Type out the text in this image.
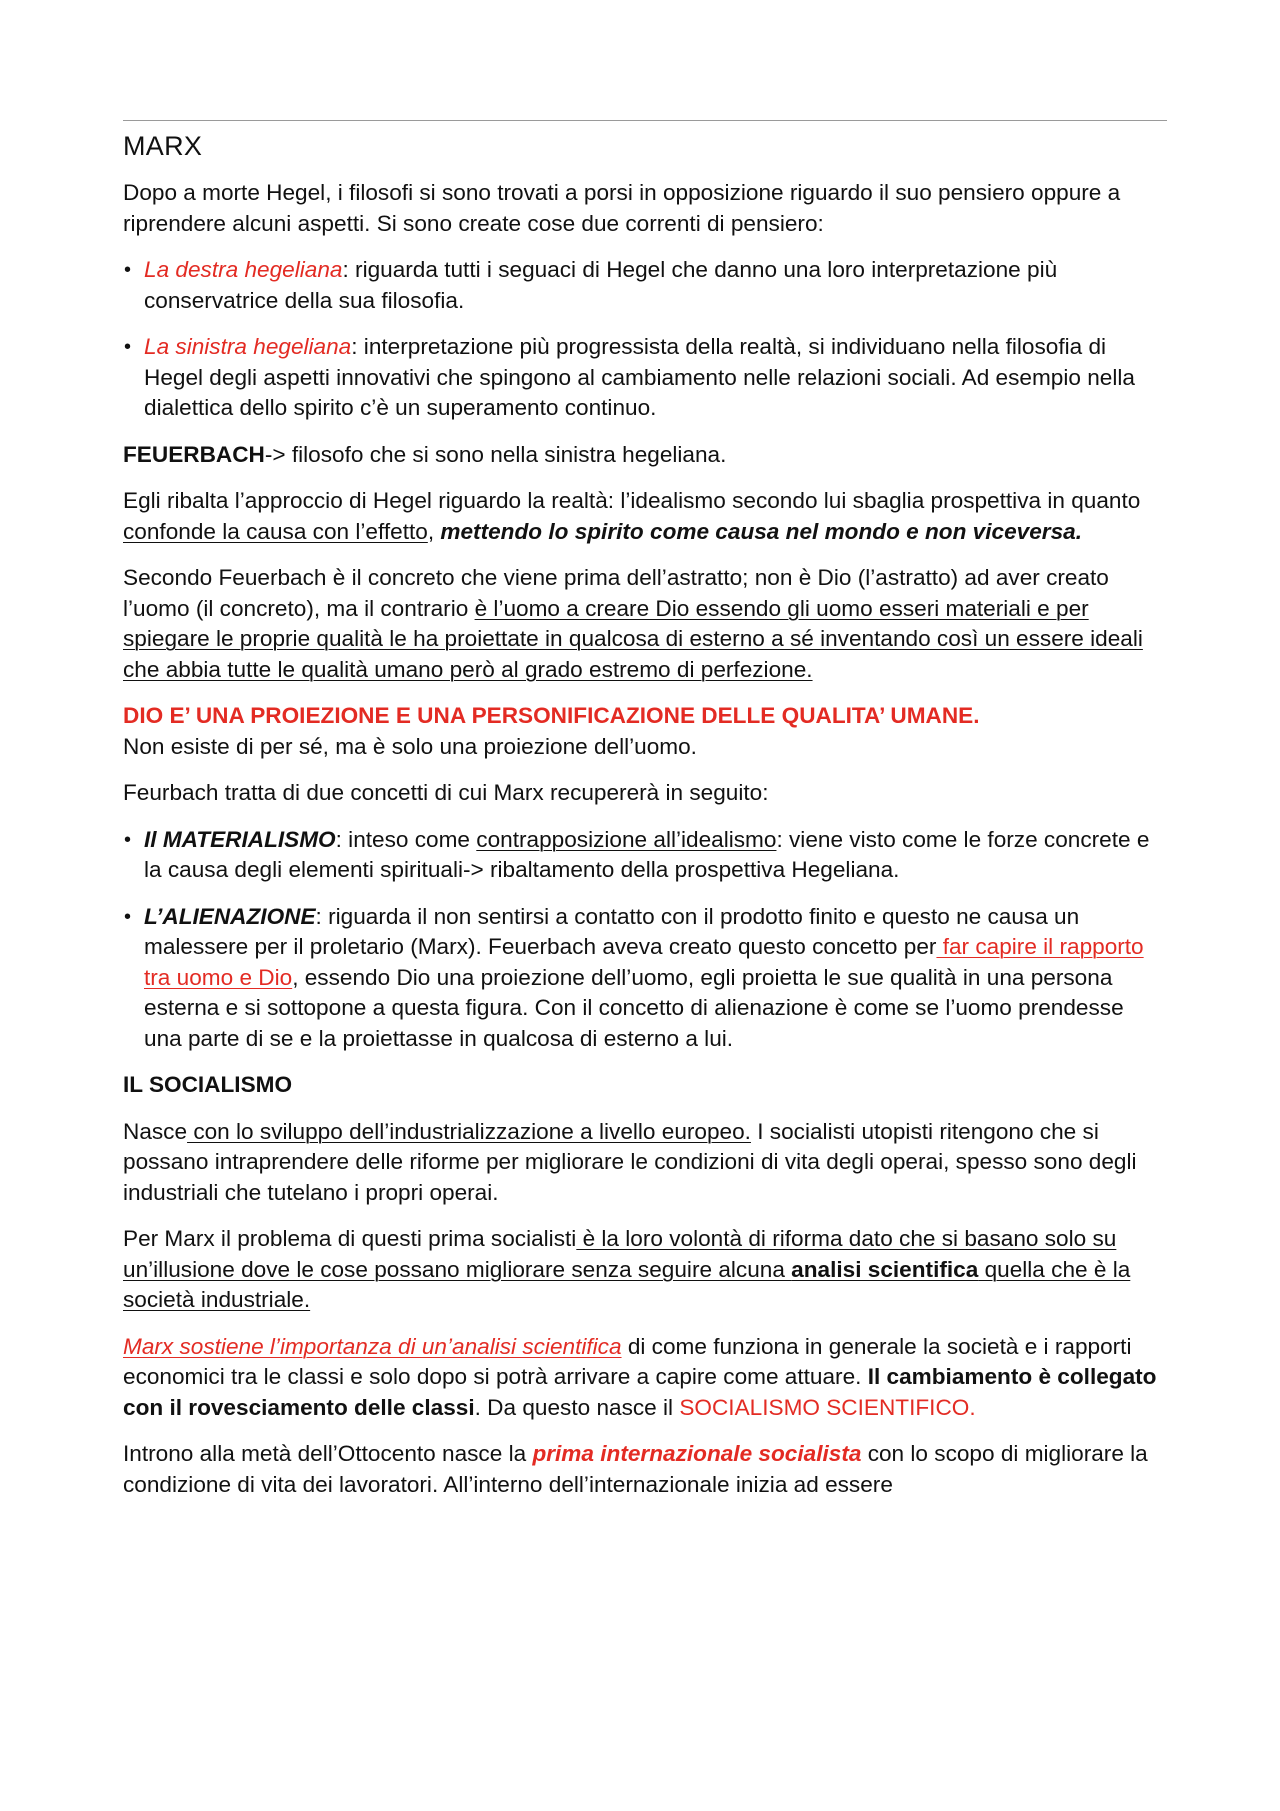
MARX

Dopo a morte Hegel, i filosofi si sono trovati a porsi in opposizione riguardo il suo pensiero oppure a riprendere alcuni aspetti. Si sono create cose due correnti di pensiero:

• La destra hegeliana: riguarda tutti i seguaci di Hegel che danno una loro interpretazione più conservatrice della sua filosofia.
• La sinistra hegeliana: interpretazione più progressista della realtà, si individuano nella filosofia di Hegel degli aspetti innovativi che spingono al cambiamento nelle relazioni sociali. Ad esempio nella dialettica dello spirito c’è un superamento continuo.

FEUERBACH-> filosofo che si sono nella sinistra hegeliana.

Egli ribalta l’approccio di Hegel riguardo la realtà: l’idealismo secondo lui sbaglia prospettiva in quanto confonde la causa con l’effetto, mettendo lo spirito come causa nel mondo e non viceversa.

Secondo Feuerbach è il concreto che viene prima dell’astratto; non è Dio (l’astratto) ad aver creato l’uomo (il concreto), ma il contrario è l’uomo a creare Dio essendo gli uomo esseri materiali e per spiegare le proprie qualità le ha proiettate in qualcosa di esterno a sé inventando così un essere ideali che abbia tutte le qualità umano però al grado estremo di perfezione.

DIO E’ UNA PROIEZIONE E UNA PERSONIFICAZIONE DELLE QUALITA’ UMANE.
Non esiste di per sé, ma è solo una proiezione dell’uomo.

Feurbach tratta di due concetti di cui Marx recupererà in seguito:

• Il MATERIALISMO: inteso come contrapposizione all’idealismo: viene visto come le forze concrete e la causa degli elementi spirituali-> ribaltamento della prospettiva Hegeliana.
• L’ALIENAZIONE: riguarda il non sentirsi a contatto con il prodotto finito e questo ne causa un malessere per il proletario (Marx). Feuerbach aveva creato questo concetto per far capire il rapporto tra uomo e Dio, essendo Dio una proiezione dell’uomo, egli proietta le sue qualità in una persona esterna e si sottopone a questa figura. Con il concetto di alienazione è come se l’uomo prendesse una parte di se e la proiettasse in qualcosa di esterno a lui.
IL SOCIALISMO

Nasce con lo sviluppo dell’industrializzazione a livello europeo. I socialisti utopisti ritengono che si possano intraprendere delle riforme per migliorare le condizioni di vita degli operai, spesso sono degli industriali che tutelano i propri operai.

Per Marx il problema di questi prima socialisti è la loro volontà di riforma dato che si basano solo su un’illusione dove le cose possano migliorare senza seguire alcuna analisi scientifica quella che è la società industriale.

Marx sostiene l’importanza di un’analisi scientifica di come funziona in generale la società e i rapporti economici tra le classi e solo dopo si potrà arrivare a capire come attuare. Il cambiamento è collegato con il rovesciamento delle classi. Da questo nasce il SOCIALISMO SCIENTIFICO.

Introno alla metà dell’Ottocento nasce la prima internazionale socialista con lo scopo di migliorare la condizione di vita dei lavoratori. All’interno dell’internazionale inizia ad essere
